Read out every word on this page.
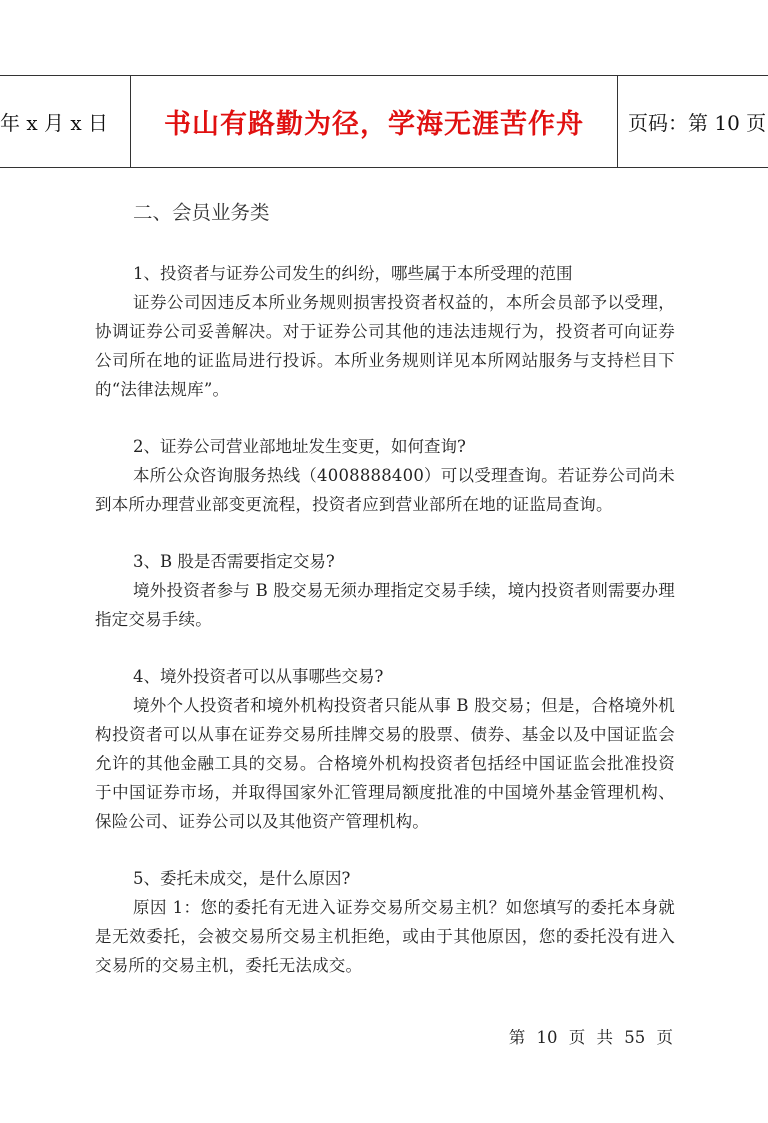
年 x 月 x 日	书山有路勤为径，学海无涯苦作舟	页码：第 10 页
二、会员业务类
1、投资者与证券公司发生的纠纷，哪些属于本所受理的范围
证券公司因违反本所业务规则损害投资者权益的，本所会员部予以受理，协调证券公司妥善解决。对于证券公司其他的违法违规行为，投资者可向证券公司所在地的证监局进行投诉。本所业务规则详见本所网站服务与支持栏目下的“法律法规库”。
2、证券公司营业部地址发生变更，如何查询?
本所公众咨询服务热线（4008888400）可以受理查询。若证券公司尚未到本所办理营业部变更流程，投资者应到营业部所在地的证监局查询。
3、B 股是否需要指定交易?
境外投资者参与 B 股交易无须办理指定交易手续，境内投资者则需要办理指定交易手续。
4、境外投资者可以从事哪些交易?
境外个人投资者和境外机构投资者只能从事 B 股交易；但是，合格境外机构投资者可以从事在证券交易所挂牌交易的股票、债券、基金以及中国证监会允许的其他金融工具的交易。合格境外机构投资者包括经中国证监会批准投资于中国证券市场，并取得国家外汇管理局额度批准的中国境外基金管理机构、保险公司、证券公司以及其他资产管理机构。
5、委托未成交，是什么原因?
原因 1：您的委托有无进入证券交易所交易主机？如您填写的委托本身就是无效委托，会被交易所交易主机拒绝，或由于其他原因，您的委托没有进入交易所的交易主机，委托无法成交。
第 10 页 共 55 页
